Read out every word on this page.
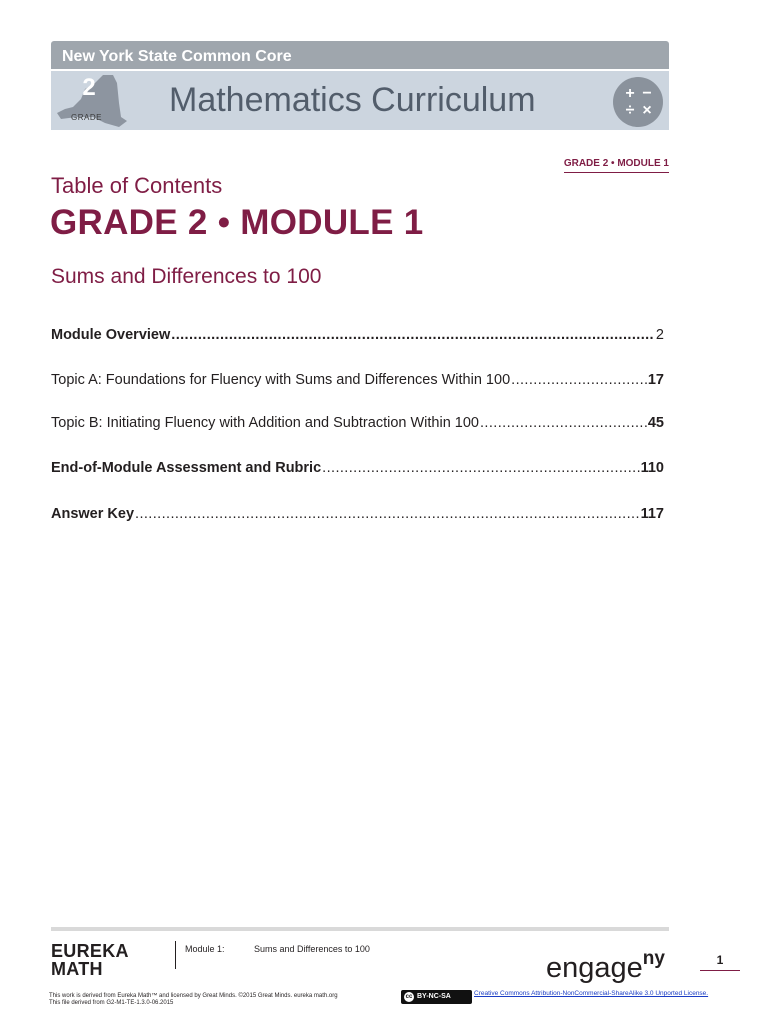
New York State Common Core
2
GRADE Mathematics Curriculum	+ −
÷ ×
GRADE 2 • MODULE 1
Table of Contents
GRADE 2 • MODULE 1
Sums and Differences to 100
Module Overview .....	2
Topic A: Foundations for Fluency with Sums and Differences Within 100 .....	17
Topic B: Initiating Fluency with Addition and Subtraction Within 100 .....	45
End-of-Module Assessment and Rubric .....	110
Answer Key .....	117
EUREKA
MATH
Module 1:	Sums and Differences to 100
engage$^{ny}$	1
This work is derived from Eureka Math™ and licensed by Great Minds. ©2015 Great Minds. eureka math.org
This file derived from G2-M1-TE-1.3.0-06.2015
cc BY-NC-SA	Creative Commons Attribution-NonCommercial-ShareAlike 3.0 Unported License.
